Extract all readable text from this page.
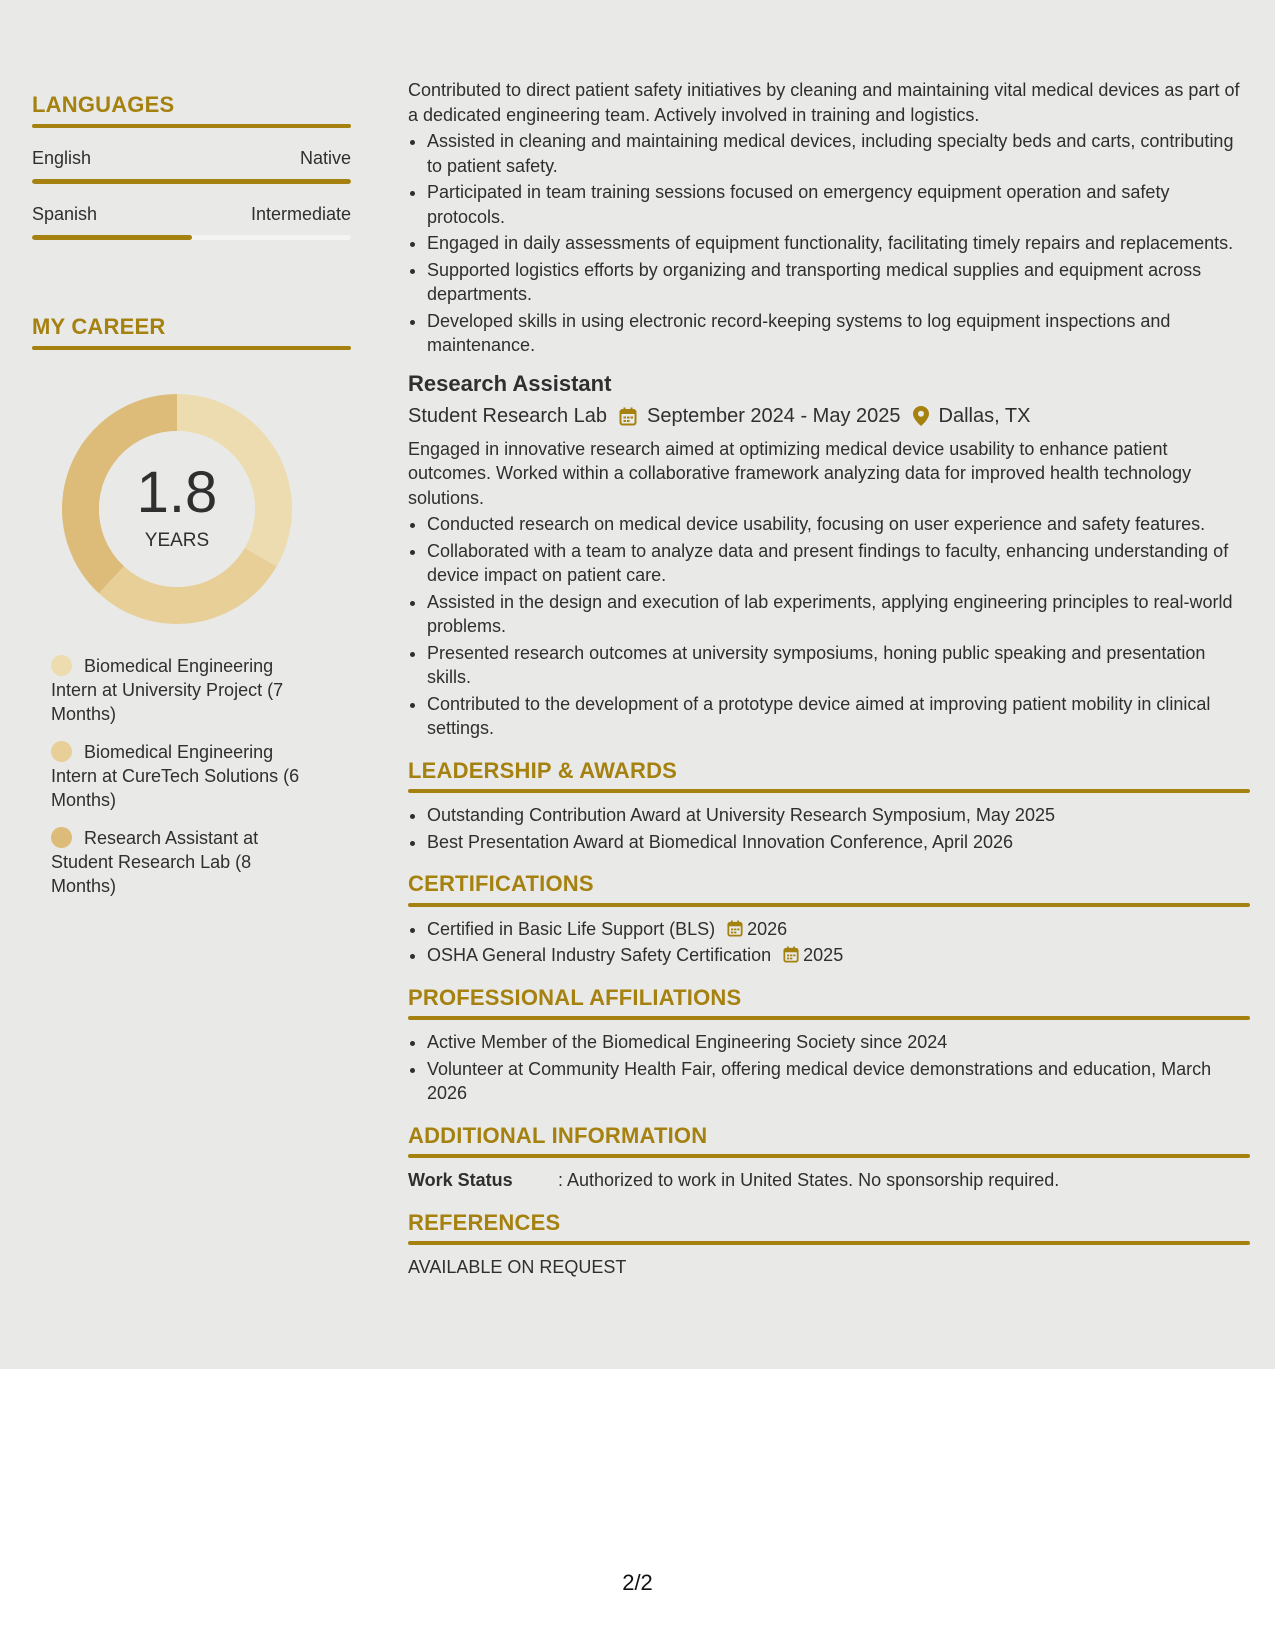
LANGUAGES
English	Native
Spanish	Intermediate
MY CAREER
1.8
YEARS
Biomedical Engineering Intern at University Project (7 Months)
Biomedical Engineering Intern at CureTech Solutions (6 Months)
Research Assistant at Student Research Lab (8 Months)

Contributed to direct patient safety initiatives by cleaning and maintaining vital medical devices as part of a dedicated engineering team. Actively involved in training and logistics.

• Assisted in cleaning and maintaining medical devices, including specialty beds and carts, contributing to patient safety.
• Participated in team training sessions focused on emergency equipment operation and safety protocols.
• Engaged in daily assessments of equipment functionality, facilitating timely repairs and replacements.
• Supported logistics efforts by organizing and transporting medical supplies and equipment across departments.
• Developed skills in using electronic record-keeping systems to log equipment inspections and maintenance.
Research Assistant
Student Research Lab September 2024 - May 2025 Dallas, TX

Engaged in innovative research aimed at optimizing medical device usability to enhance patient outcomes. Worked within a collaborative framework analyzing data for improved health technology solutions.

• Conducted research on medical device usability, focusing on user experience and safety features.
• Collaborated with a team to analyze data and present findings to faculty, enhancing understanding of device impact on patient care.
• Assisted in the design and execution of lab experiments, applying engineering principles to real-world problems.
• Presented research outcomes at university symposiums, honing public speaking and presentation skills.
• Contributed to the development of a prototype device aimed at improving patient mobility in clinical settings.
LEADERSHIP & AWARDS
• Outstanding Contribution Award at University Research Symposium, May 2025
• Best Presentation Award at Biomedical Innovation Conference, April 2026
CERTIFICATIONS
• Certified in Basic Life Support (BLS) 2026
• OSHA General Industry Safety Certification 2025
PROFESSIONAL AFFILIATIONS
• Active Member of the Biomedical Engineering Society since 2024
• Volunteer at Community Health Fair, offering medical device demonstrations and education, March 2026
ADDITIONAL INFORMATION
Work Status	: Authorized to work in United States. No sponsorship required.
REFERENCES

AVAILABLE ON REQUEST

2/2
